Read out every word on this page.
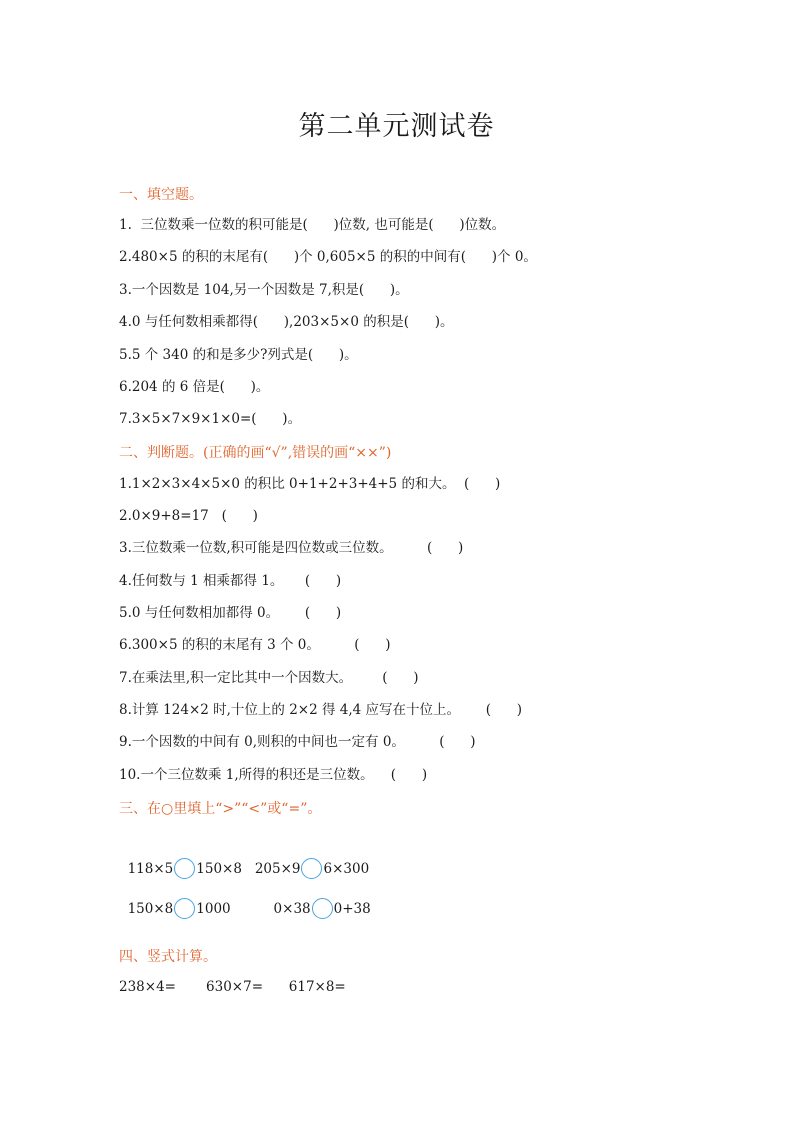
第二单元测试卷
一、填空题。
1.  三位数乘一位数的积可能是(      )位数, 也可能是(      )位数。
2.480×5 的积的末尾有(      )个 0,605×5 的积的中间有(      )个 0。
3.一个因数是 104,另一个因数是 7,积是(      )。
4.0 与任何数相乘都得(      ),203×5×0 的积是(      )。
5.5 个 340 的和是多少?列式是(      )。
6.204 的 6 倍是(      )。
7.3×5×7×9×1×0=(      )。
二、判断题。(正确的画“√”,错误的画“××”)
1.1×2×3×4×5×0 的积比 0+1+2+3+4+5 的和大。  (      )
2.0×9+8=17   (      )
3.三位数乘一位数,积可能是四位数或三位数。        (      )
4.任何数与 1 相乘都得 1。     (      )
5.0 与任何数相加都得 0。      (      )
6.300×5 的积的末尾有 3 个 0。        (      )
7.在乘法里,积一定比其中一个因数大。       (      )
8.计算 124×2 时,十位上的 2×2 得 4,4 应写在十位上。      (      )
9.一个因数的中间有 0,则积的中间也一定有 0。        (      )
10.一个三位数乘 1,所得的积还是三位数。    (      )
三、在○里填上“>”“<”或“=”。

118×5 150×8 205×9 6×300

150×8 1000	0×38 0+38

四、竖式计算。
238×4= 630×7= 617×8=
